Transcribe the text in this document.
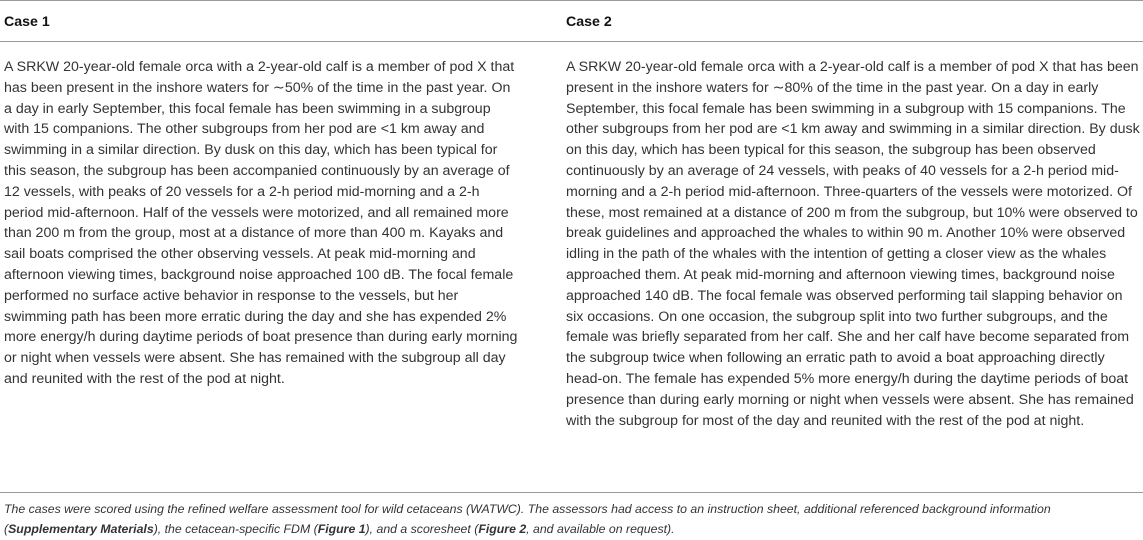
Case 1	Case 2
A SRKW 20-year-old female orca with a 2-year-old calf is a member of pod X that has been present in the inshore waters for ∼50% of the time in the past year. On a day in early September, this focal female has been swimming in a subgroup with 15 companions. The other subgroups from her pod are <1 km away and swimming in a similar direction. By dusk on this day, which has been typical for this season, the subgroup has been accompanied continuously by an average of 12 vessels, with peaks of 20 vessels for a 2-h period mid-morning and a 2-h period mid-afternoon. Half of the vessels were motorized, and all remained more than 200 m from the group, most at a distance of more than 400 m. Kayaks and sail boats comprised the other observing vessels. At peak mid-morning and afternoon viewing times, background noise approached 100 dB. The focal female performed no surface active behavior in response to the vessels, but her swimming path has been more erratic during the day and she has expended 2% more energy/h during daytime periods of boat presence than during early morning or night when vessels were absent. She has remained with the subgroup all day and reunited with the rest of the pod at night.
A SRKW 20-year-old female orca with a 2-year-old calf is a member of pod X that has been present in the inshore waters for ∼80% of the time in the past year. On a day in early September, this focal female has been swimming in a subgroup with 15 companions. The other subgroups from her pod are <1 km away and swimming in a similar direction. By dusk on this day, which has been typical for this season, the subgroup has been observed continuously by an average of 24 vessels, with peaks of 40 vessels for a 2-h period mid-morning and a 2-h period mid-afternoon. Three-quarters of the vessels were motorized. Of these, most remained at a distance of 200 m from the subgroup, but 10% were observed to break guidelines and approached the whales to within 90 m. Another 10% were observed idling in the path of the whales with the intention of getting a closer view as the whales approached them. At peak mid-morning and afternoon viewing times, background noise approached 140 dB. The focal female was observed performing tail slapping behavior on six occasions. On one occasion, the subgroup split into two further subgroups, and the female was briefly separated from her calf. She and her calf have become separated from the subgroup twice when following an erratic path to avoid a boat approaching directly head-on. The female has expended 5% more energy/h during the daytime periods of boat presence than during early morning or night when vessels were absent. She has remained with the subgroup for most of the day and reunited with the rest of the pod at night.
The cases were scored using the refined welfare assessment tool for wild cetaceans (WATWC). The assessors had access to an instruction sheet, additional referenced background information (Supplementary Materials), the cetacean-specific FDM (Figure 1), and a scoresheet (Figure 2, and available on request).
